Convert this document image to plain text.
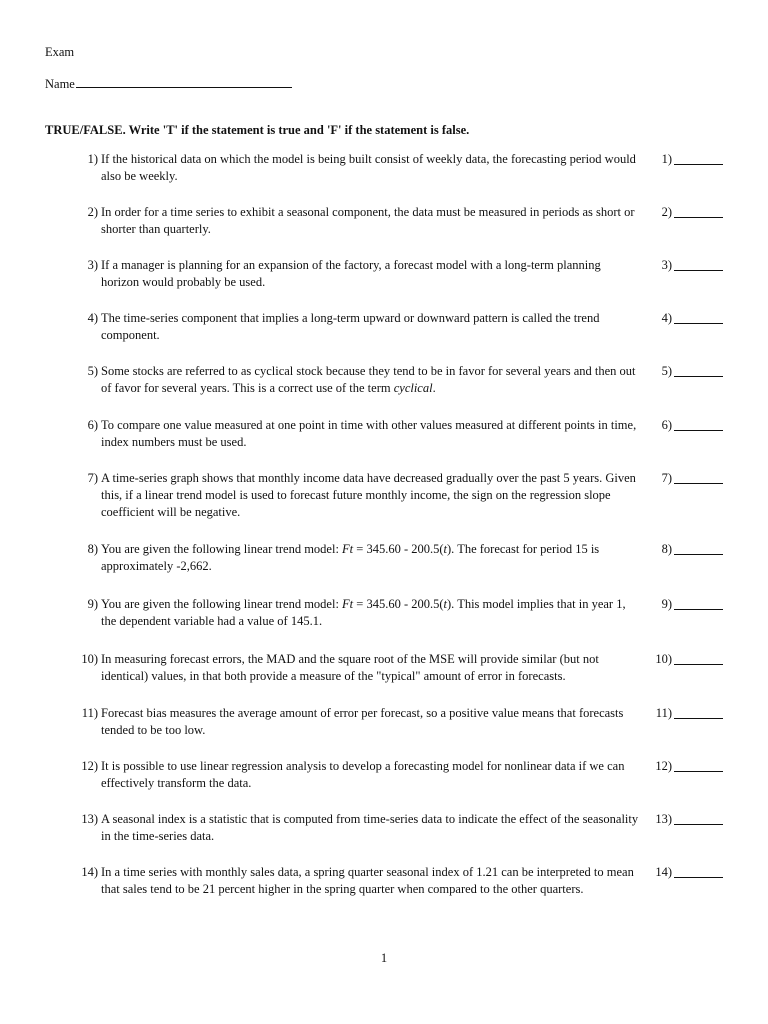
Exam
Name
TRUE/FALSE. Write 'T' if the statement is true and 'F' if the statement is false.
1) If the historical data on which the model is being built consist of weekly data, the forecasting period would also be weekly.
1)
2) In order for a time series to exhibit a seasonal component, the data must be measured in periods as short or shorter than quarterly.
2)
3) If a manager is planning for an expansion of the factory, a forecast model with a long-term planning horizon would probably be used.
3)
4) The time-series component that implies a long-term upward or downward pattern is called the trend component.
4)
5) Some stocks are referred to as cyclical stock because they tend to be in favor for several years and then out of favor for several years. This is a correct use of the term cyclical.
5)
6) To compare one value measured at one point in time with other values measured at different points in time, index numbers must be used.
6)
7) A time-series graph shows that monthly income data have decreased gradually over the past 5 years. Given this, if a linear trend model is used to forecast future monthly income, the sign on the regression slope coefficient will be negative.
7)
8) You are given the following linear trend model: Ft = 345.60 - 200.5(t). The forecast for period 15 is approximately -2,662.
8)
9) You are given the following linear trend model: Ft = 345.60 - 200.5(t). This model implies that in year 1, the dependent variable had a value of 145.1.
9)
10) In measuring forecast errors, the MAD and the square root of the MSE will provide similar (but not identical) values, in that both provide a measure of the "typical" amount of error in forecasts.
10)
11) Forecast bias measures the average amount of error per forecast, so a positive value means that forecasts tended to be too low.
11)
12) It is possible to use linear regression analysis to develop a forecasting model for nonlinear data if we can effectively transform the data.
12)
13) A seasonal index is a statistic that is computed from time-series data to indicate the effect of the seasonality in the time-series data.
13)
14) In a time series with monthly sales data, a spring quarter seasonal index of 1.21 can be interpreted to mean that sales tend to be 21 percent higher in the spring quarter when compared to the other quarters.
14)
1
